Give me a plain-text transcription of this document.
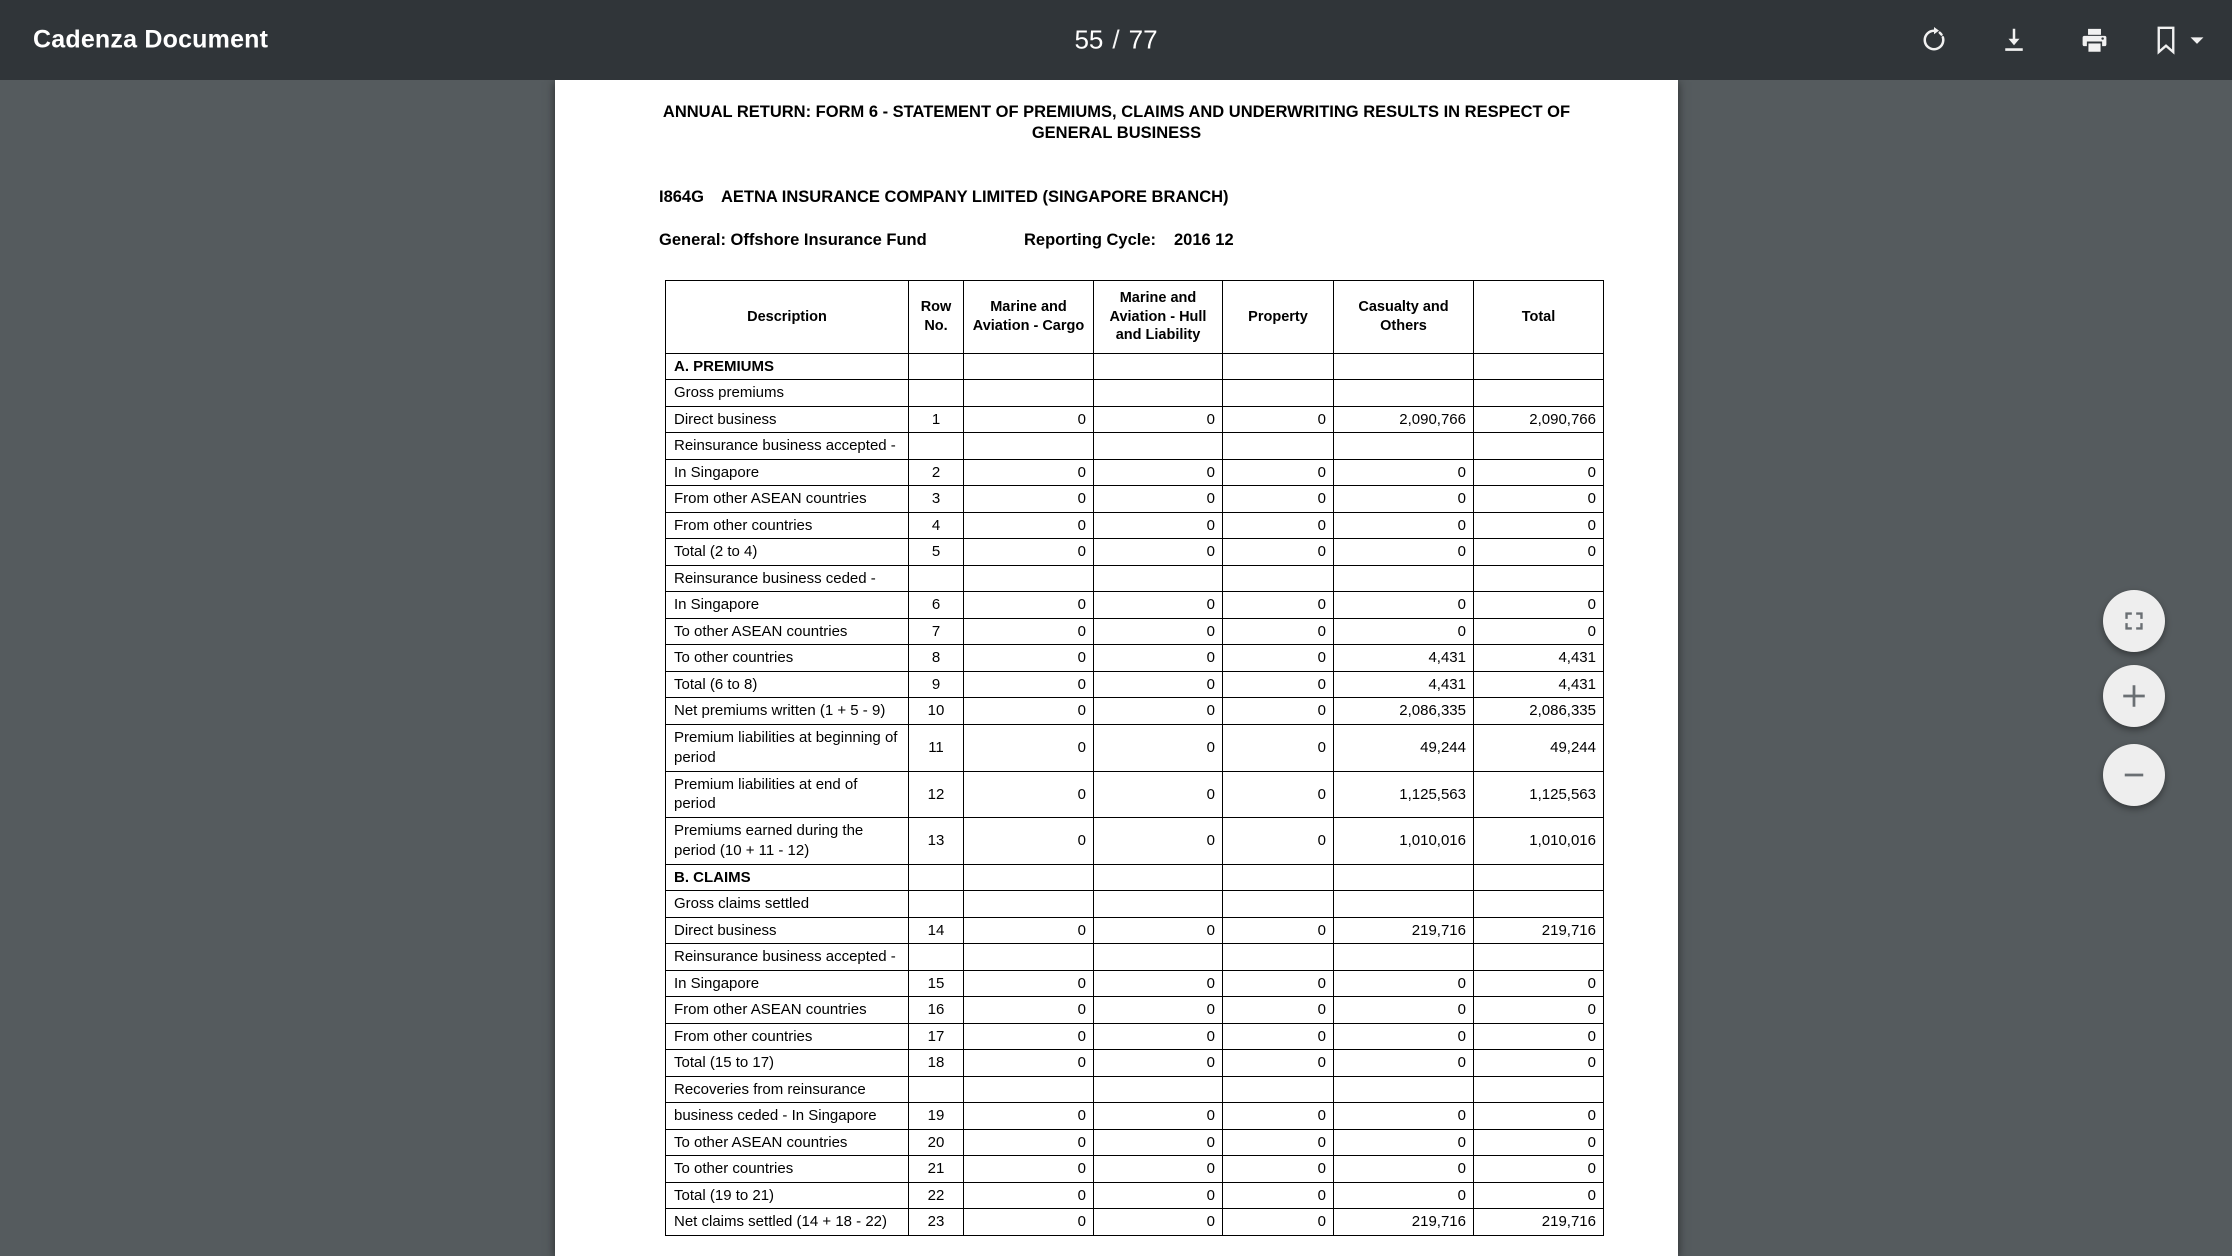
Cadenza Document	55 / 77
ANNUAL RETURN: FORM 6 - STATEMENT OF PREMIUMS, CLAIMS AND UNDERWRITING RESULTS IN RESPECT OF GENERAL BUSINESS
I864G	AETNA INSURANCE COMPANY LIMITED (SINGAPORE BRANCH)
General: Offshore Insurance Fund	Reporting Cycle:	2016 12
Description	Row No.	Marine and Aviation - Cargo	Marine and Aviation - Hull and Liability	Property	Casualty and Others	Total
A. PREMIUMS						
Gross premiums						
Direct business	1	0	0	0	2,090,766	2,090,766
Reinsurance business accepted -						
In Singapore	2	0	0	0	0	0
From other ASEAN countries	3	0	0	0	0	0
From other countries	4	0	0	0	0	0
Total (2 to 4)	5	0	0	0	0	0
Reinsurance business ceded -						
In Singapore	6	0	0	0	0	0
To other ASEAN countries	7	0	0	0	0	0
To other countries	8	0	0	0	4,431	4,431
Total (6 to 8)	9	0	0	0	4,431	4,431
Net premiums written (1 + 5 - 9)	10	0	0	0	2,086,335	2,086,335
Premium liabilities at beginning of period	11	0	0	0	49,244	49,244
Premium liabilities at end of period	12	0	0	0	1,125,563	1,125,563
Premiums earned during the period (10 + 11 - 12)	13	0	0	0	1,010,016	1,010,016
B. CLAIMS						
Gross claims settled						
Direct business	14	0	0	0	219,716	219,716
Reinsurance business accepted -						
In Singapore	15	0	0	0	0	0
From other ASEAN countries	16	0	0	0	0	0
From other countries	17	0	0	0	0	0
Total (15 to 17)	18	0	0	0	0	0
Recoveries from reinsurance						
business ceded - In Singapore	19	0	0	0	0	0
To other ASEAN countries	20	0	0	0	0	0
To other countries	21	0	0	0	0	0
Total (19 to 21)	22	0	0	0	0	0
Net claims settled (14 + 18 - 22)	23	0	0	0	219,716	219,716
